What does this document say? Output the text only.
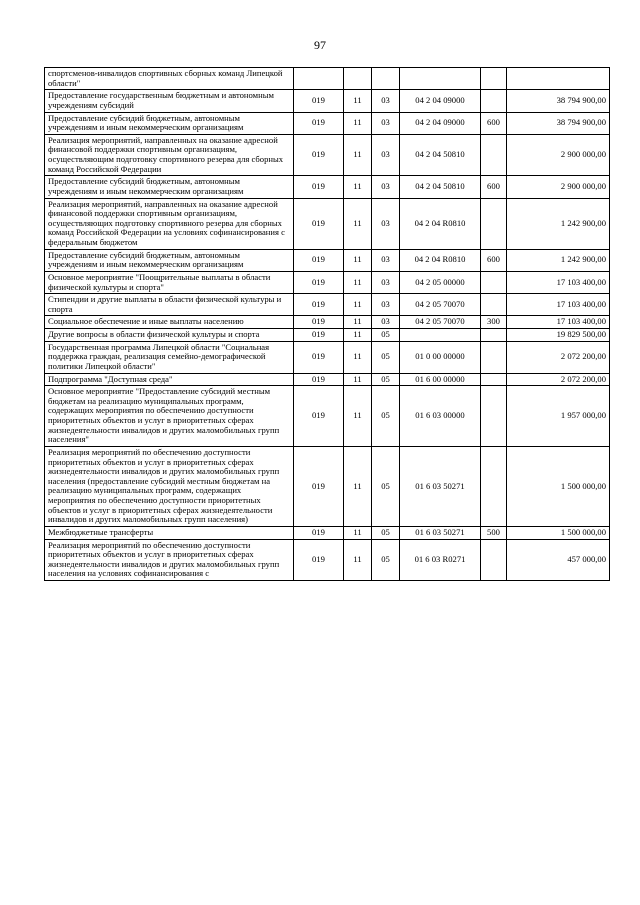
97
спортсменов-инвалидов спортивных сборных команд Липецкой области"						
Предоставление государственным бюджетным и автономным учреждениям субсидий	019	11	03	04 2 04 09000		38 794 900,00
Предоставление субсидий бюджетным, автономным учреждениям и иным некоммерческим организациям	019	11	03	04 2 04 09000	600	38 794 900,00
Реализация мероприятий, направленных на оказание адресной финансовой поддержки спортивным организациям, осуществляющим подготовку спортивного резерва для сборных команд Российской Федерации	019	11	03	04 2 04 50810		2 900 000,00
Предоставление субсидий бюджетным, автономным учреждениям и иным некоммерческим организациям	019	11	03	04 2 04 50810	600	2 900 000,00
Реализация мероприятий, направленных на оказание адресной финансовой поддержки спортивным организациям, осуществляющих подготовку спортивного резерва для сборных команд Российской Федерации на условиях софинансирования с федеральным бюджетом	019	11	03	04 2 04 R0810		1 242 900,00
Предоставление субсидий бюджетным, автономным учреждениям и иным некоммерческим организациям	019	11	03	04 2 04 R0810	600	1 242 900,00
Основное мероприятие "Поощрительные выплаты в области физической культуры и спорта"	019	11	03	04 2 05 00000		17 103 400,00
Стипендии и другие выплаты в области физической культуры и спорта	019	11	03	04 2 05 70070		17 103 400,00
Социальное обеспечение и иные выплаты населению	019	11	03	04 2 05 70070	300	17 103 400,00
Другие вопросы в области физической культуры и спорта	019	11	05			19 829 500,00
Государственная программа Липецкой области "Социальная поддержка граждан, реализация семейно-демографической политики Липецкой области"	019	11	05	01 0 00 00000		2 072 200,00
Подпрограмма "Доступная среда"	019	11	05	01 6 00 00000		2 072 200,00
Основное мероприятие "Предоставление субсидий местным бюджетам на реализацию муниципальных программ, содержащих мероприятия по обеспечению доступности приоритетных объектов и услуг в приоритетных сферах жизнедеятельности инвалидов и других маломобильных групп населения"	019	11	05	01 6 03 00000		1 957 000,00
Реализация мероприятий по обеспечению доступности приоритетных объектов и услуг в приоритетных сферах жизнедеятельности инвалидов и других маломобильных групп населения (предоставление субсидий местным бюджетам на реализацию муниципальных программ, содержащих мероприятия по обеспечению доступности приоритетных объектов и услуг в приоритетных сферах жизнедеятельности инвалидов и других маломобильных групп населения)	019	11	05	01 6 03 50271		1 500 000,00
Межбюджетные трансферты	019	11	05	01 6 03 50271	500	1 500 000,00
Реализация мероприятий по обеспечению доступности приоритетных объектов и услуг в приоритетных сферах жизнедеятельности инвалидов и других маломобильных групп населения на условиях софинансирования с	019	11	05	01 6 03 R0271		457 000,00
